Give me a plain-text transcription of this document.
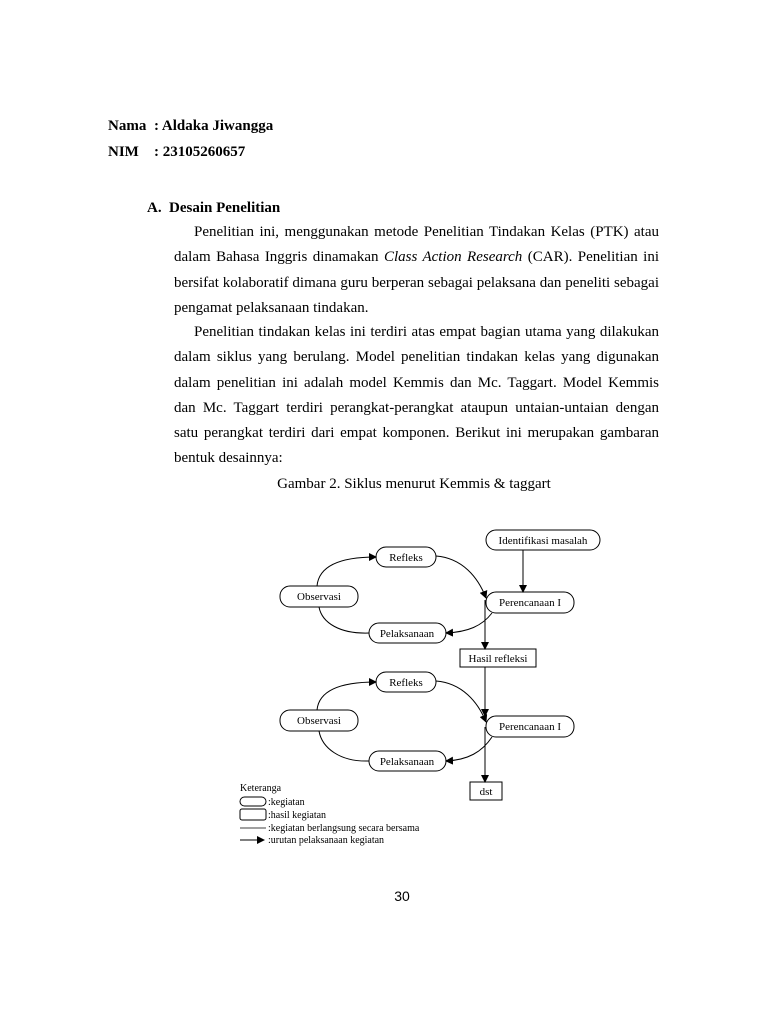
Nama : Aldaka Jiwangga
NIM : 23105260657
A. Desain Penelitian

Penelitian ini, menggunakan metode Penelitian Tindakan Kelas (PTK) atau dalam Bahasa Inggris dinamakan Class Action Research (CAR). Penelitian ini bersifat kolaboratif dimana guru berperan sebagai pelaksana dan peneliti sebagai pengamat pelaksanaan tindakan.

Penelitian tindakan kelas ini terdiri atas empat bagian utama yang dilakukan dalam siklus yang berulang. Model penelitian tindakan kelas yang digunakan dalam penelitian ini adalah model Kemmis dan Mc. Taggart. Model Kemmis dan Mc. Taggart terdiri perangkat-perangkat ataupun untaian-untaian dengan satu perangkat terdiri dari empat komponen. Berikut ini merupakan gambaran bentuk desainnya:

Gambar 2. Siklus menurut Kemmis & taggart
Identifikasi masalah
Refleks
Observasi	Perencanaan I
Pelaksanaan
Hasil refleksi
Refleks
Observasi	Perencanaan I
Pelaksanaan
dst
Keteranga
:kegiatan
:hasil kegiatan
:kegiatan berlangsung secara bersama
:urutan pelaksanaan kegiatan
30
